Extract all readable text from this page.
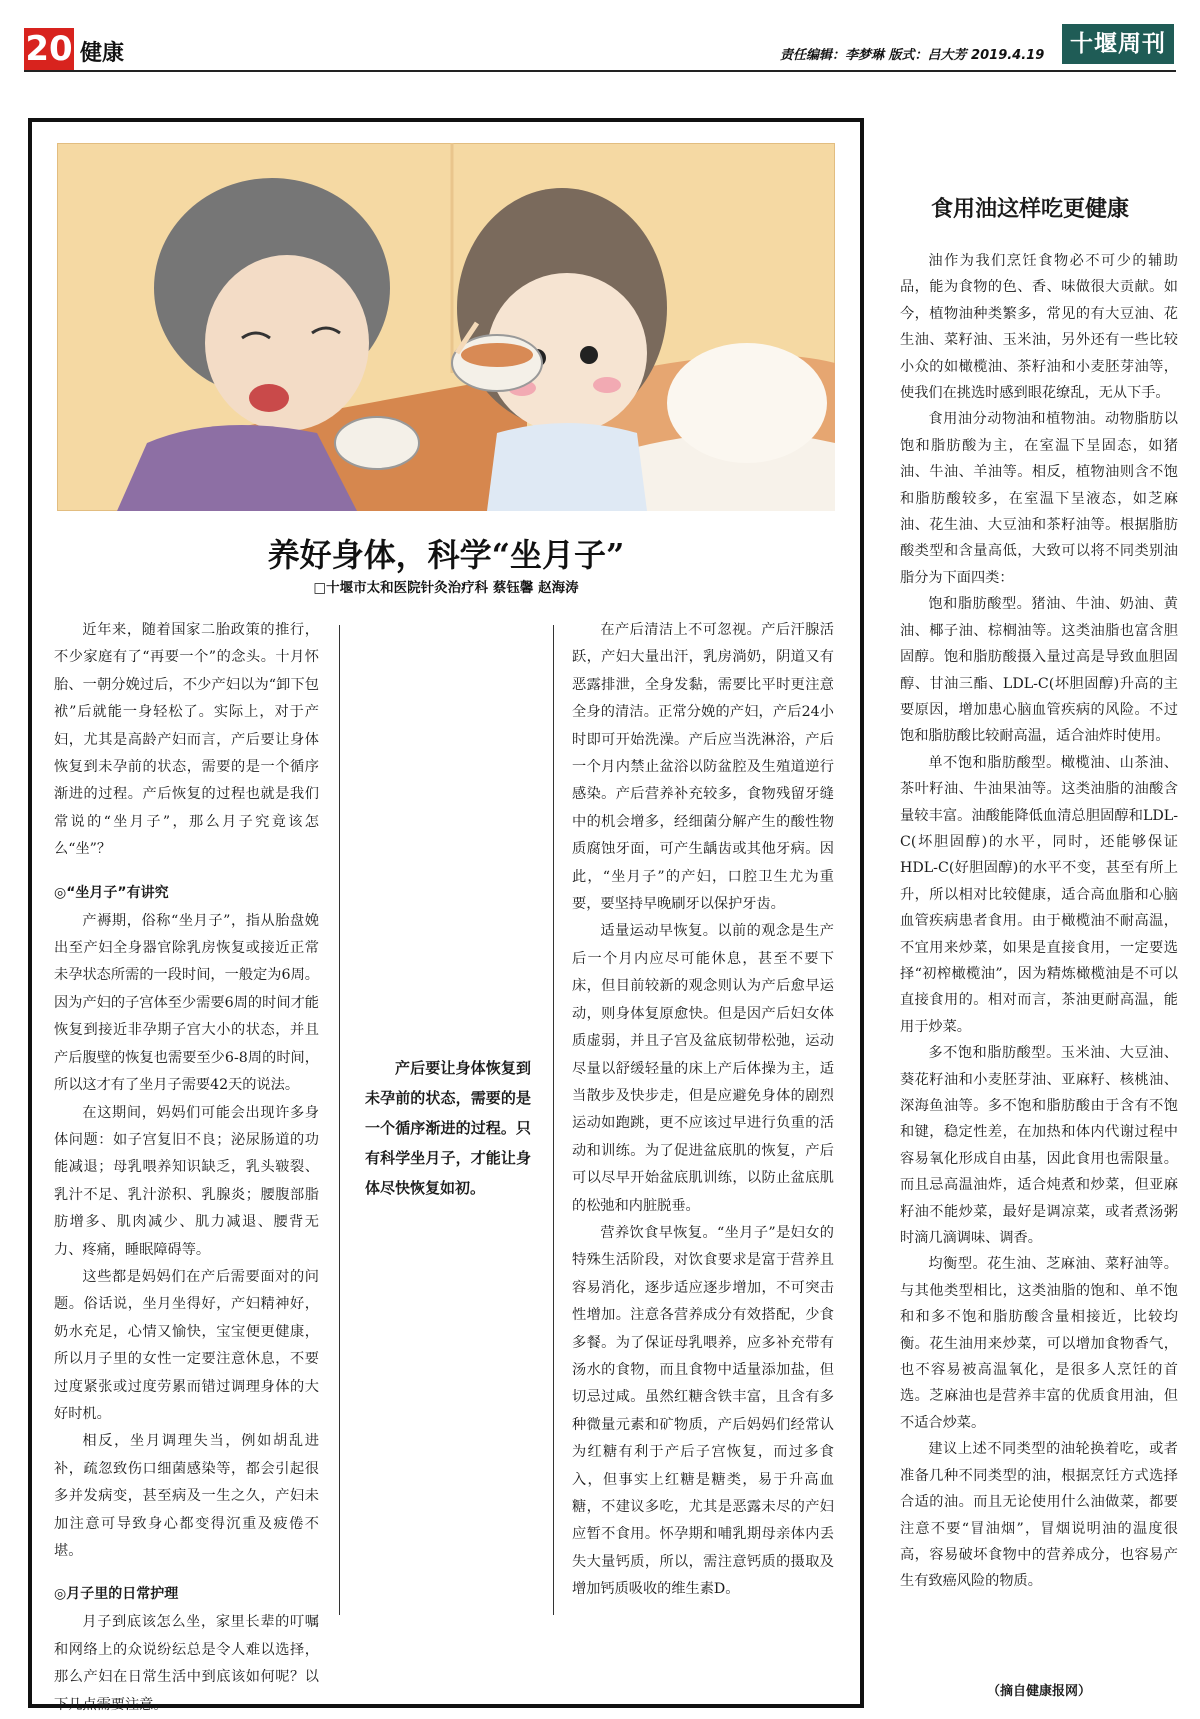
20 健康	责任编辑：李梦琳 版式：吕大芳 2019.4.19	十堰周刊
养好身体，科学“坐月子”
□十堰市太和医院针灸治疗科 蔡钰馨 赵海涛

近年来，随着国家二胎政策的推行，不少家庭有了“再要一个”的念头。十月怀胎、一朝分娩过后，不少产妇以为“卸下包袱”后就能一身轻松了。实际上，对于产妇，尤其是高龄产妇而言，产后要让身体恢复到未孕前的状态，需要的是一个循序渐进的过程。产后恢复的过程也就是我们常说的“坐月子”，那么月子究竟该怎么“坐”？

◎“坐月子”有讲究

产褥期，俗称“坐月子”，指从胎盘娩出至产妇全身器官除乳房恢复或接近正常未孕状态所需的一段时间，一般定为6周。因为产妇的子宫体至少需要6周的时间才能恢复到接近非孕期子宫大小的状态，并且产后腹壁的恢复也需要至少6-8周的时间，所以这才有了坐月子需要42天的说法。

在这期间，妈妈们可能会出现许多身体问题：如子宫复旧不良；泌尿肠道的功能减退；母乳喂养知识缺乏，乳头皲裂、乳汁不足、乳汁淤积、乳腺炎；腰腹部脂肪增多、肌肉减少、肌力减退、腰背无力、疼痛，睡眠障碍等。

这些都是妈妈们在产后需要面对的问题。俗话说，坐月坐得好，产妇精神好，奶水充足，心情又愉快，宝宝便更健康，所以月子里的女性一定要注意休息，不要过度紧张或过度劳累而错过调理身体的大好时机。

相反，坐月调理失当，例如胡乱进补，疏忽致伤口细菌感染等，都会引起很多并发病变，甚至病及一生之久，产妇未加注意可导致身心都变得沉重及疲倦不堪。

◎月子里的日常护理

月子到底该怎么坐，家里长辈的叮嘱和网络上的众说纷纭总是令人难以选择，那么产妇在日常生活中到底该如何呢？以下几点需要注意。

产后要让身体恢复到未孕前的状态，需要的是一个循序渐进的过程。只有科学坐月子，才能让身体尽快恢复如初。

在产后清洁上不可忽视。产后汗腺活跃，产妇大量出汗，乳房淌奶，阴道又有恶露排泄，全身发黏，需要比平时更注意全身的清洁。正常分娩的产妇，产后24小时即可开始洗澡。产后应当洗淋浴，产后一个月内禁止盆浴以防盆腔及生殖道逆行感染。产后营养补充较多，食物残留牙缝中的机会增多，经细菌分解产生的酸性物质腐蚀牙面，可产生龋齿或其他牙病。因此，“坐月子”的产妇，口腔卫生尤为重要，要坚持早晚刷牙以保护牙齿。

适量运动早恢复。以前的观念是生产后一个月内应尽可能休息，甚至不要下床，但目前较新的观念则认为产后愈早运动，则身体复原愈快。但是因产后妇女体质虚弱，并且子宫及盆底韧带松弛，运动尽量以舒缓轻量的床上产后体操为主，适当散步及快步走，但是应避免身体的剧烈运动如跑跳，更不应该过早进行负重的活动和训练。为了促进盆底肌的恢复，产后可以尽早开始盆底肌训练，以防止盆底肌的松弛和内脏脱垂。

营养饮食早恢复。“坐月子”是妇女的特殊生活阶段，对饮食要求是富于营养且容易消化，逐步适应逐步增加，不可突击性增加。注意各营养成分有效搭配，少食多餐。为了保证母乳喂养，应多补充带有汤水的食物，而且食物中适量添加盐，但切忌过咸。虽然红糖含铁丰富，且含有多种微量元素和矿物质，产后妈妈们经常认为红糖有利于产后子宫恢复，而过多食入，但事实上红糖是糖类，易于升高血糖，不建议多吃，尤其是恶露未尽的产妇应暂不食用。怀孕期和哺乳期母亲体内丢失大量钙质，所以，需注意钙质的摄取及增加钙质吸收的维生素D。

食用油这样吃更健康

油作为我们烹饪食物必不可少的辅助品，能为食物的色、香、味做很大贡献。如今，植物油种类繁多，常见的有大豆油、花生油、菜籽油、玉米油，另外还有一些比较小众的如橄榄油、茶籽油和小麦胚芽油等，使我们在挑选时感到眼花缭乱，无从下手。

食用油分动物油和植物油。动物脂肪以饱和脂肪酸为主，在室温下呈固态，如猪油、牛油、羊油等。相反，植物油则含不饱和脂肪酸较多，在室温下呈液态，如芝麻油、花生油、大豆油和茶籽油等。根据脂肪酸类型和含量高低，大致可以将不同类别油脂分为下面四类：

饱和脂肪酸型。猪油、牛油、奶油、黄油、椰子油、棕榈油等。这类油脂也富含胆固醇。饱和脂肪酸摄入量过高是导致血胆固醇、甘油三酯、LDL-C(坏胆固醇)升高的主要原因，增加患心脑血管疾病的风险。不过饱和脂肪酸比较耐高温，适合油炸时使用。

单不饱和脂肪酸型。橄榄油、山茶油、茶叶籽油、牛油果油等。这类油脂的油酸含量较丰富。油酸能降低血清总胆固醇和LDL-C(坏胆固醇)的水平，同时，还能够保证HDL-C(好胆固醇)的水平不变，甚至有所上升，所以相对比较健康，适合高血脂和心脑血管疾病患者食用。由于橄榄油不耐高温，不宜用来炒菜，如果是直接食用，一定要选择“初榨橄榄油”，因为精炼橄榄油是不可以直接食用的。相对而言，茶油更耐高温，能用于炒菜。

多不饱和脂肪酸型。玉米油、大豆油、葵花籽油和小麦胚芽油、亚麻籽、核桃油、深海鱼油等。多不饱和脂肪酸由于含有不饱和键，稳定性差，在加热和体内代谢过程中容易氧化形成自由基，因此食用也需限量。而且忌高温油炸，适合炖煮和炒菜，但亚麻籽油不能炒菜，最好是调凉菜，或者煮汤粥时滴几滴调味、调香。

均衡型。花生油、芝麻油、菜籽油等。与其他类型相比，这类油脂的饱和、单不饱和和多不饱和脂肪酸含量相接近，比较均衡。花生油用来炒菜，可以增加食物香气，也不容易被高温氧化，是很多人烹饪的首选。芝麻油也是营养丰富的优质食用油，但不适合炒菜。

建议上述不同类型的油轮换着吃，或者准备几种不同类型的油，根据烹饪方式选择合适的油。而且无论使用什么油做菜，都要注意不要“冒油烟”，冒烟说明油的温度很高，容易破坏食物中的营养成分，也容易产生有致癌风险的物质。

（摘自健康报网）
